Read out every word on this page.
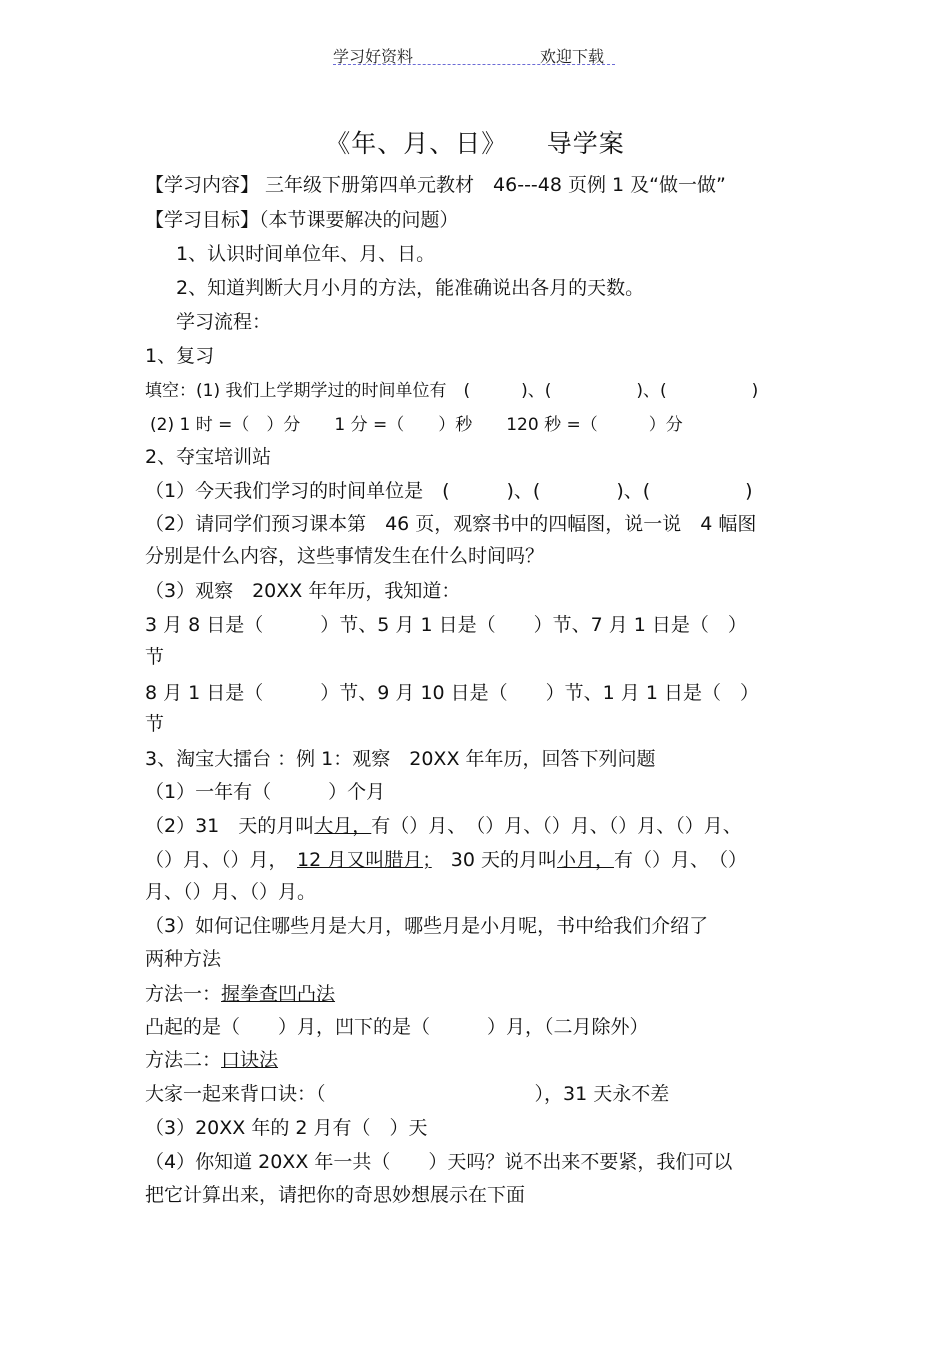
学习好资料	欢迎下载
《年、月、日》　　导学案
【学习内容】 三年级下册第四单元教材　46---48 页例 1 及“做一做”
【学习目标】（本节课要解决的问题）
1、认识时间单位年、月、日。
2、知道判断大月小月的方法，能准确说出各月的天数。
学习流程：
1、复习
填空：(1) 我们上学期学过的时间单位有　(　　　)、(　　　　　)、(　　　　　)
(2) 1 时 =（　）分　　1 分 =（　　）秒　　120 秒 =（　　　）分
2、夺宝培训站
（1）今天我们学习的时间单位是　(　　　)、(　　　　)、(　　　　　)
（2）请同学们预习课本第　46 页，观察书中的四幅图，说一说　4 幅图
分别是什么内容，这些事情发生在什么时间吗？
（3）观察　20XX 年年历，我知道：
3 月 8 日是（　　　）节、5 月 1 日是（　　）节、7 月 1 日是（　）
节
8 月 1 日是（　　　）节、9 月 10 日是（　　）节、1 月 1 日是（　）
节
3、淘宝大擂台 ：例 1：观察　20XX 年年历，回答下列问题
（1）一年有（　　　）个月
（2）31　天的月叫大月，有（）月、　（）月、（）月、（）月、（）月、
（）月、（）月，　12 月又叫腊月；　30 天的月叫小月，有（）月、　（）
月、（）月、（）月。
（3）如何记住哪些月是大月，哪些月是小月呢，书中给我们介绍了
两种方法
方法一：握拳查凹凸法
凸起的是（　　）月，凹下的是（　　　）月，（二月除外）
方法二：口诀法
大家一起来背口诀：（　　　　　　　　　　　），31 天永不差
（3）20XX 年的 2 月有（　）天
（4）你知道 20XX 年一共（　　）天吗？说不出来不要紧，我们可以
把它计算出来，请把你的奇思妙想展示在下面
